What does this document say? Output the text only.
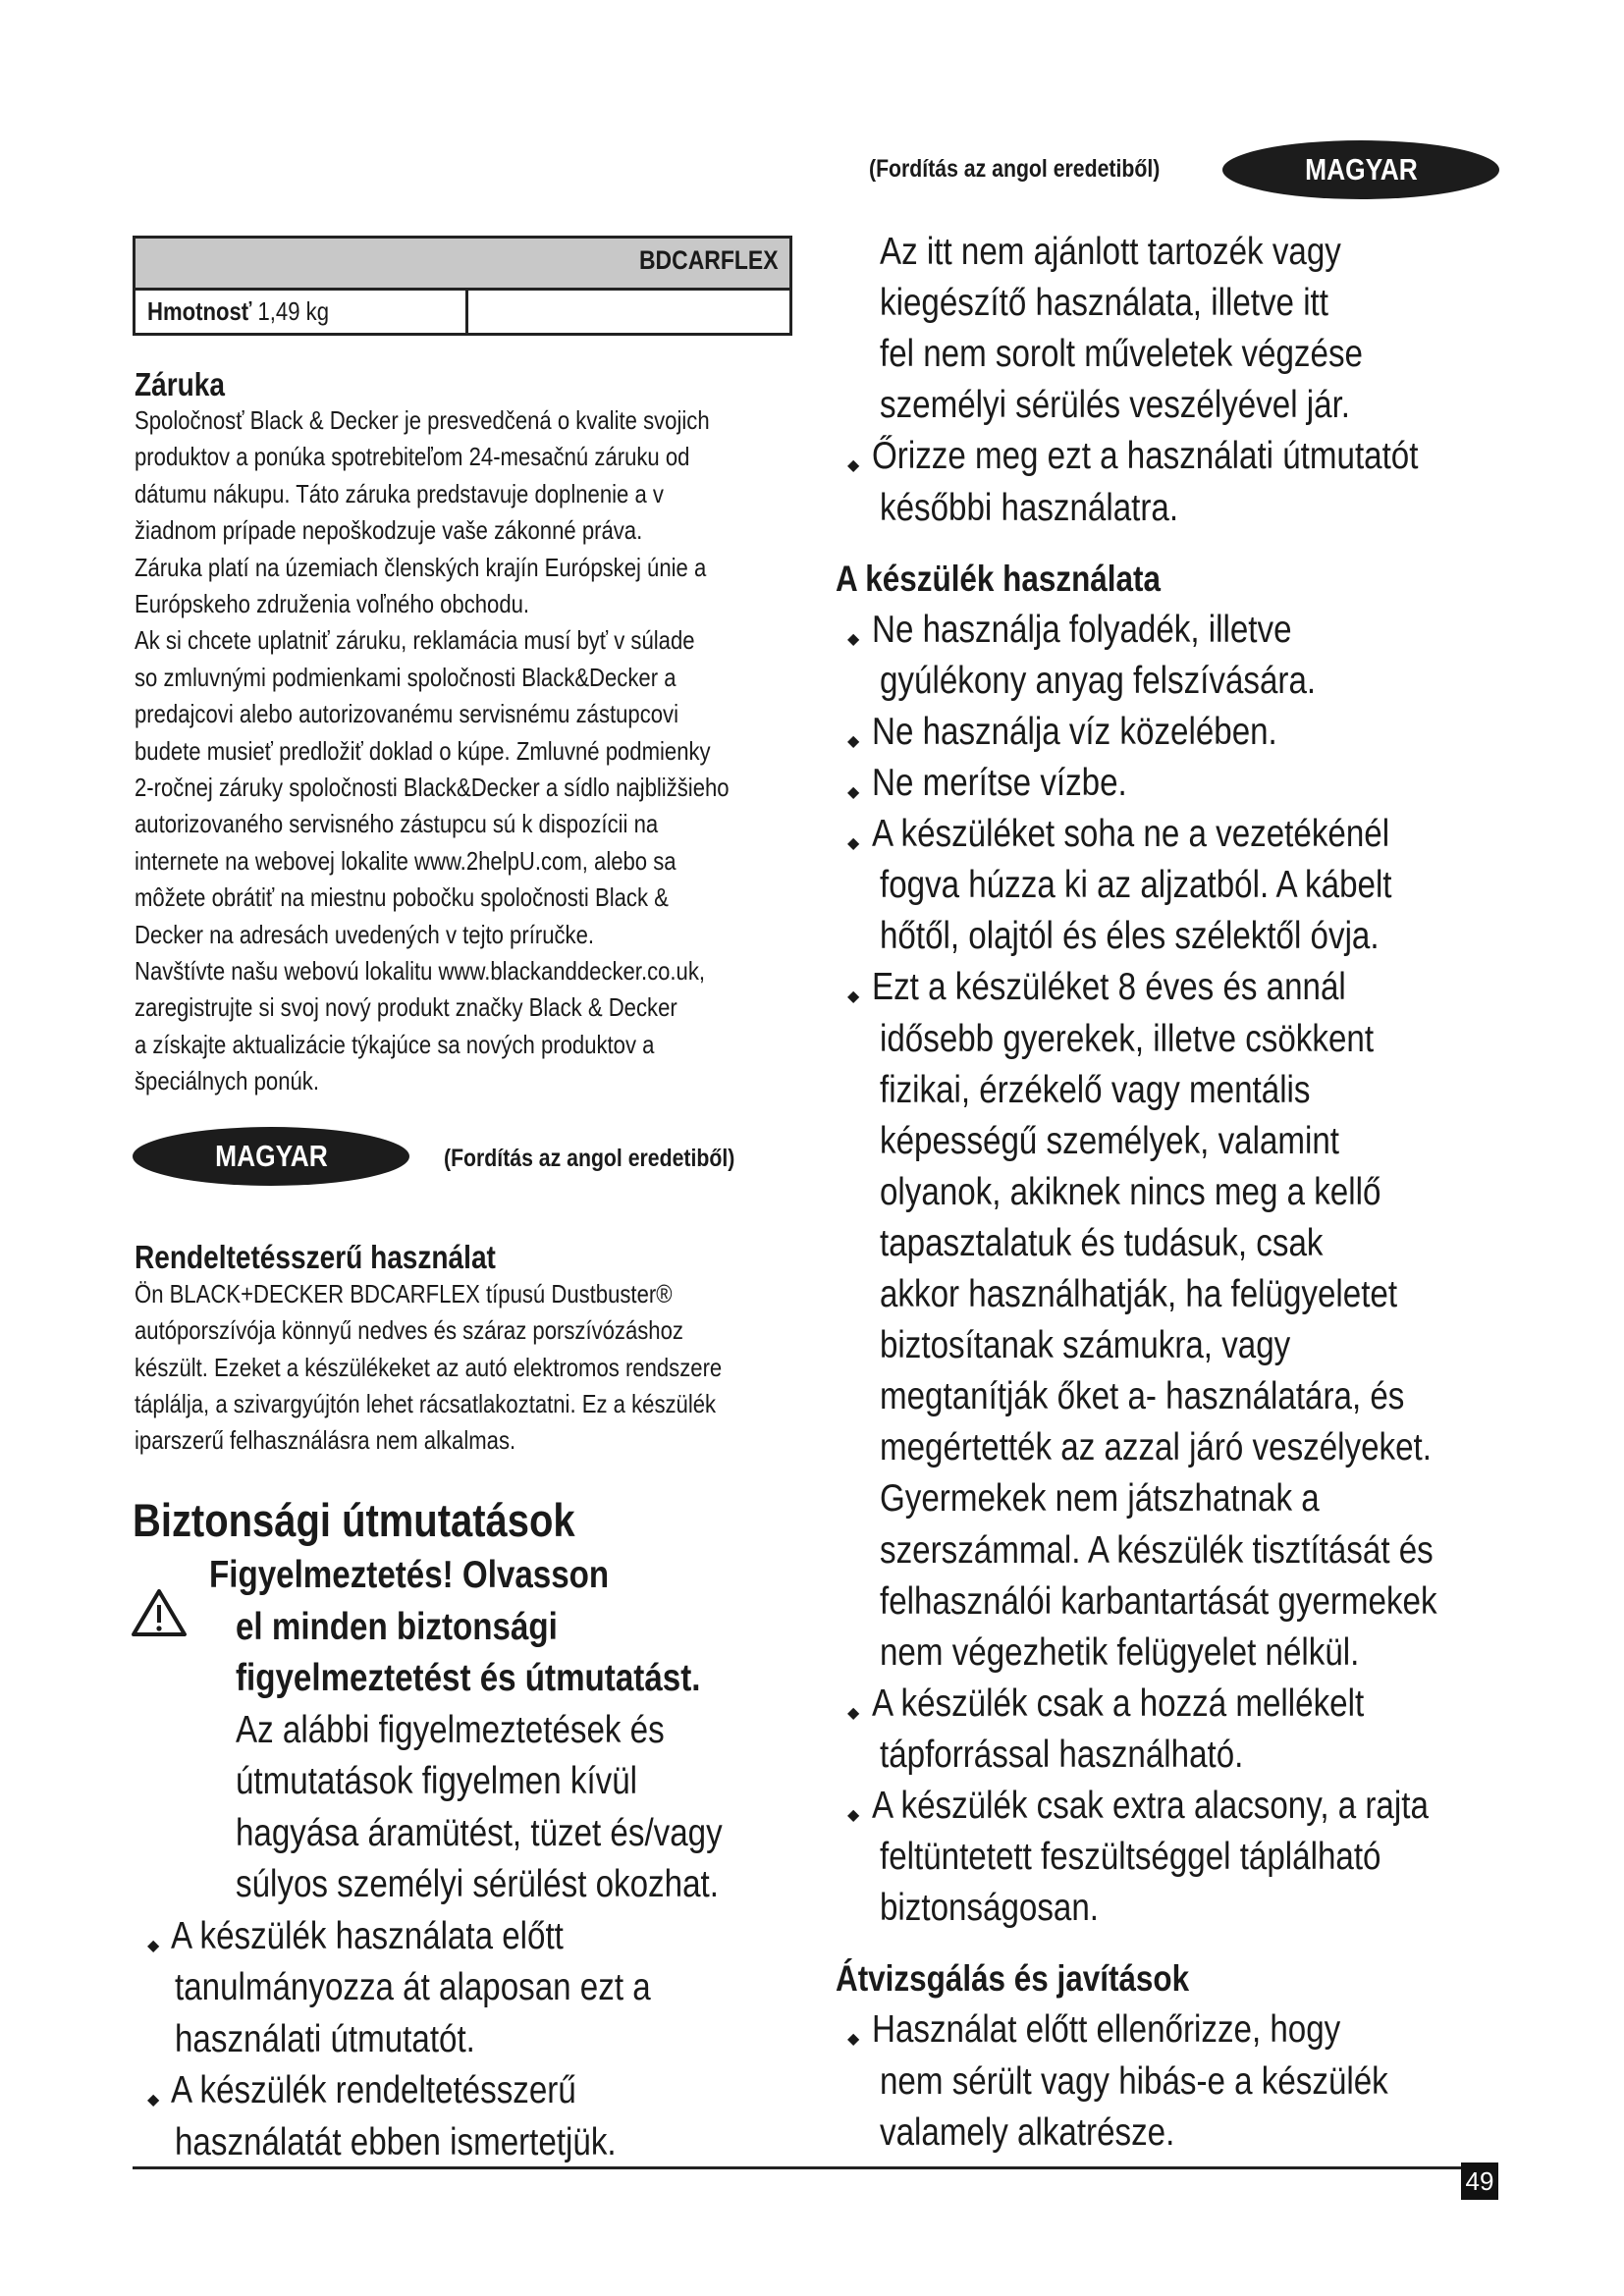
(Fordítás az angol eredetiből)	MAGYAR
BDCARFLEX
Hmotnosť 1,49 kg
MAGYAR	(Fordítás az angol eredetiből)
49
Záruka
Spoločnosť Black & Decker je presvedčená o kvalite svojich
produktov a ponúka spotrebiteľom 24-mesačnú záruku od
dátumu nákupu. Táto záruka predstavuje doplnenie a v
žiadnom prípade nepoškodzuje vaše zákonné práva.
Záruka platí na územiach členských krajín Európskej únie a
Európskeho združenia voľného obchodu.
Ak si chcete uplatniť záruku, reklamácia musí byť v súlade
so zmluvnými podmienkami spoločnosti Black&Decker a
predajcovi alebo autorizovanému servisnému zástupcovi
budete musieť predložiť doklad o kúpe. Zmluvné podmienky
2-ročnej záruky spoločnosti Black&Decker a sídlo najbližšieho
autorizovaného servisného zástupcu sú k dispozícii na
internete na webovej lokalite www.2helpU.com, alebo sa
môžete obrátiť na miestnu pobočku spoločnosti Black &
Decker na adresách uvedených v tejto príručke.
Navštívte našu webovú lokalitu www.blackanddecker.co.uk,
zaregistrujte si svoj nový produkt značky Black & Decker
a získajte aktualizácie týkajúce sa nových produktov a
špeciálnych ponúk.
Rendeltetésszerű használat
Ön BLACK+DECKER BDCARFLEX típusú Dustbuster®
autóporszívója könnyű nedves és száraz porszívózáshoz
készült. Ezeket a készülékeket az autó elektromos rendszere
táplálja, a szivargyújtón lehet rácsatlakoztatni. Ez a készülék
iparszerű felhasználásra nem alkalmas.
Biztonsági útmutatások
Figyelmeztetés! Olvasson
el minden biztonsági
figyelmeztetést és útmutatást.
Az alábbi figyelmeztetések és
útmutatások figyelmen kívül
hagyása áramütést, tüzet és/vagy
súlyos személyi sérülést okozhat.
◆ A készülék használata előtt
tanulmányozza át alaposan ezt a
használati útmutatót.
◆ A készülék rendeltetésszerű
használatát ebben ismertetjük.
Az itt nem ajánlott tartozék vagy
kiegészítő használata, illetve itt
fel nem sorolt műveletek végzése
személyi sérülés veszélyével jár.
◆ Őrizze meg ezt a használati útmutatót
későbbi használatra.
A készülék használata
◆ Ne használja folyadék, illetve
gyúlékony anyag felszívására.
◆ Ne használja víz közelében.
◆ Ne merítse vízbe.
◆ A készüléket soha ne a vezetékénél
fogva húzza ki az aljzatból. A kábelt
hőtől, olajtól és éles szélektől óvja.
◆ Ezt a készüléket 8 éves és annál
idősebb gyerekek, illetve csökkent
fizikai, érzékelő vagy mentális
képességű személyek, valamint
olyanok, akiknek nincs meg a kellő
tapasztalatuk és tudásuk, csak
akkor használhatják, ha felügyeletet
biztosítanak számukra, vagy
megtanítják őket a- használatára, és
megértették az azzal járó veszélyeket.
Gyermekek nem játszhatnak a
szerszámmal. A készülék tisztítását és
felhasználói karbantartását gyermekek
nem végezhetik felügyelet nélkül.
◆ A készülék csak a hozzá mellékelt
tápforrással használható.
◆ A készülék csak extra alacsony, a rajta
feltüntetett feszültséggel táplálható
biztonságosan.
Átvizsgálás és javítások
◆ Használat előtt ellenőrizze, hogy
nem sérült vagy hibás-e a készülék
valamely alkatrésze.
